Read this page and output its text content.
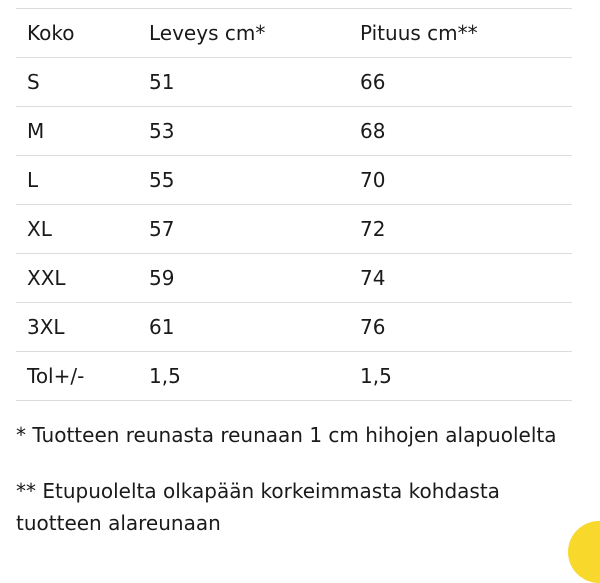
Koko	Leveys cm*	Pituus cm**
S	51	66
M	53	68
L	55	70
XL	57	72
XXL	59	74
3XL	61	76
Tol+/-	1,5	1,5

* Tuotteen reunasta reunaan 1 cm hihojen alapuolelta

** Etupuolelta olkapään korkeimmasta kohdasta tuotteen alareunaan
